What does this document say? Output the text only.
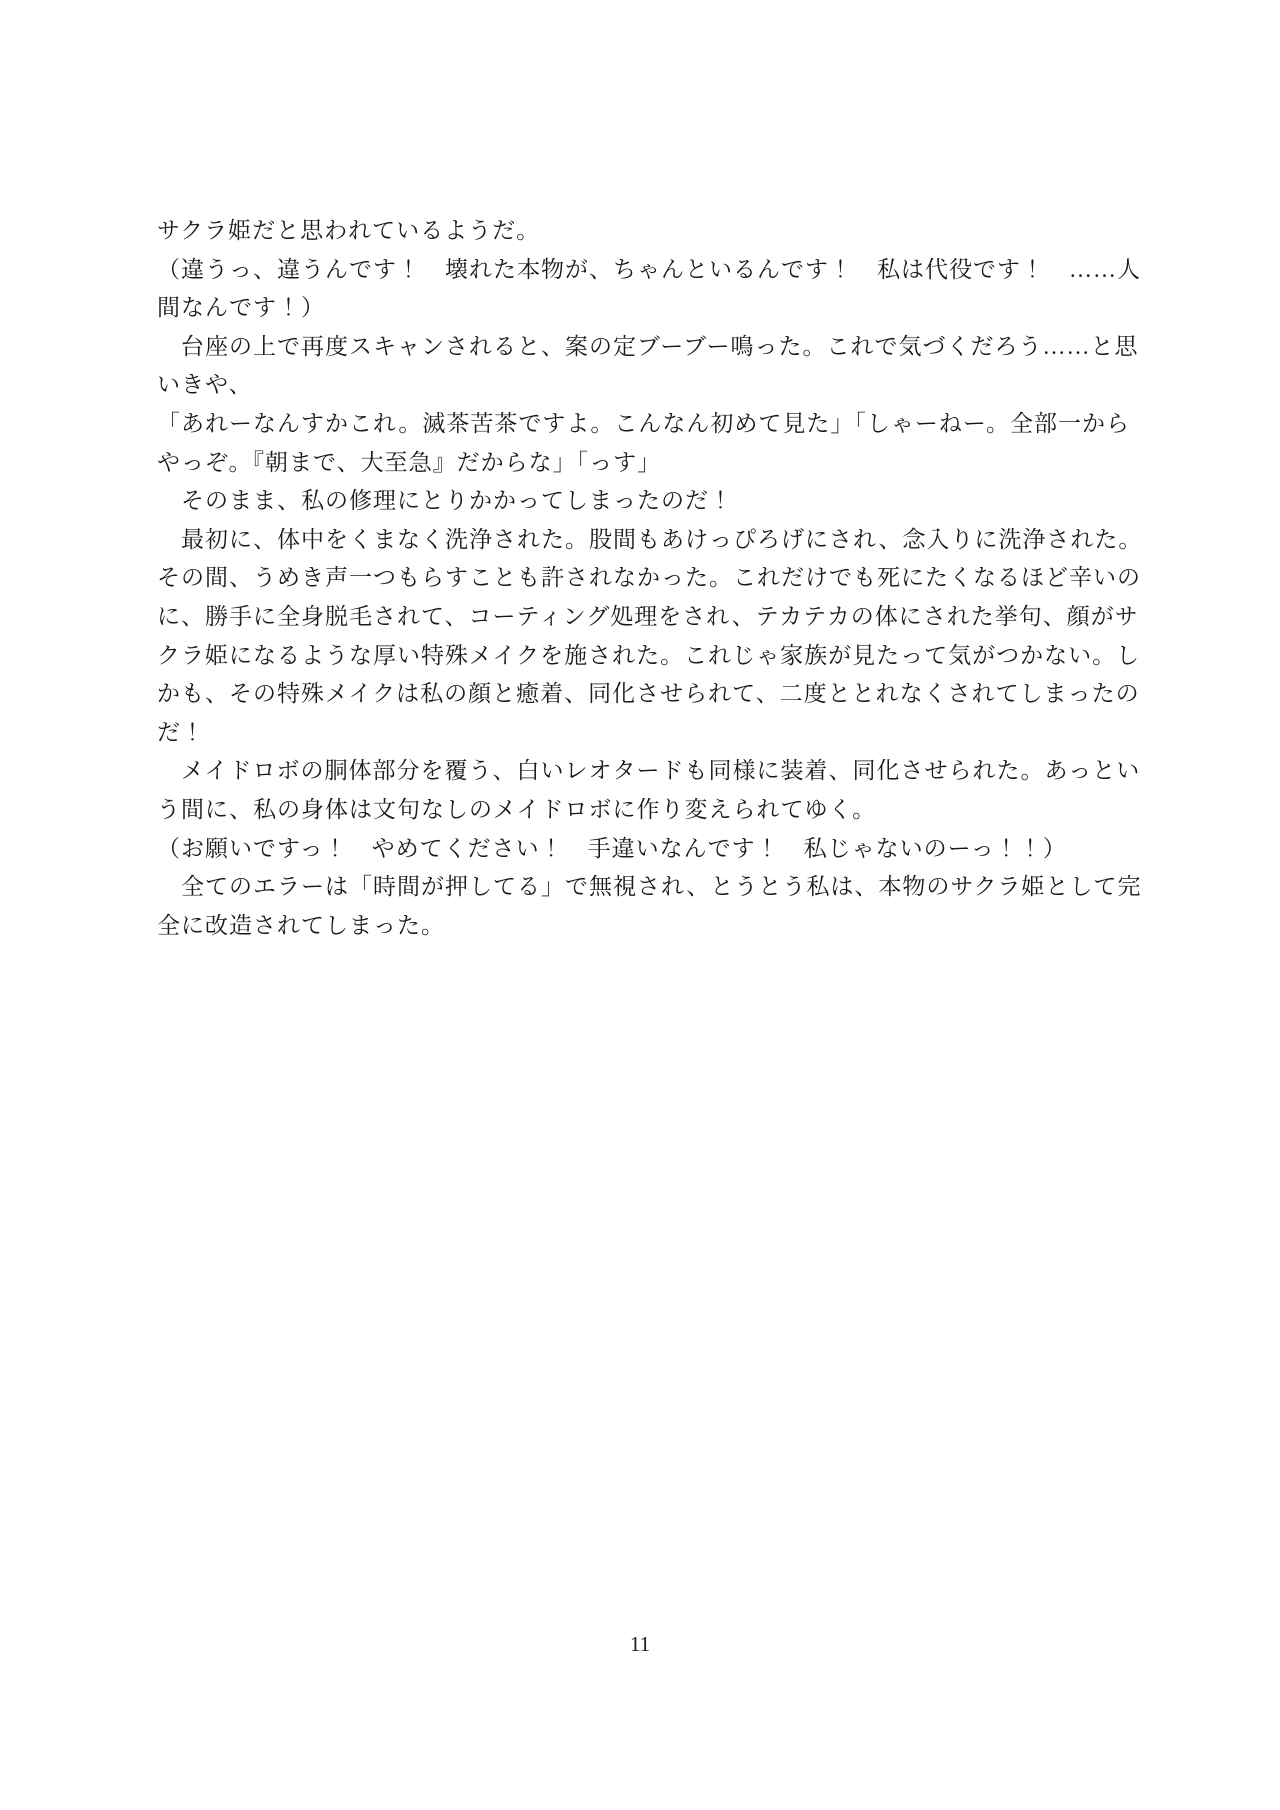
サクラ姫だと思われているようだ。
（違うっ、違うんです！　壊れた本物が、ちゃんといるんです！　私は代役です！　……人
間なんです！）
　台座の上で再度スキャンされると、案の定ブーブー鳴った。これで気づくだろう……と思
いきや、
「あれーなんすかこれ。滅茶苦茶ですよ。こんなん初めて見た」「しゃーねー。全部一から
やっぞ。『朝まで、大至急』だからな」「っす」
　そのまま、私の修理にとりかかってしまったのだ！
　最初に、体中をくまなく洗浄された。股間もあけっぴろげにされ、念入りに洗浄された。
その間、うめき声一つもらすことも許されなかった。これだけでも死にたくなるほど辛いの
に、勝手に全身脱毛されて、コーティング処理をされ、テカテカの体にされた挙句、顔がサ
クラ姫になるような厚い特殊メイクを施された。これじゃ家族が見たって気がつかない。し
かも、その特殊メイクは私の顔と癒着、同化させられて、二度ととれなくされてしまったの
だ！
　メイドロボの胴体部分を覆う、白いレオタードも同様に装着、同化させられた。あっとい
う間に、私の身体は文句なしのメイドロボに作り変えられてゆく。
（お願いですっ！　やめてください！　手違いなんです！　私じゃないのーっ！！）
　全てのエラーは「時間が押してる」で無視され、とうとう私は、本物のサクラ姫として完
全に改造されてしまった。
11
